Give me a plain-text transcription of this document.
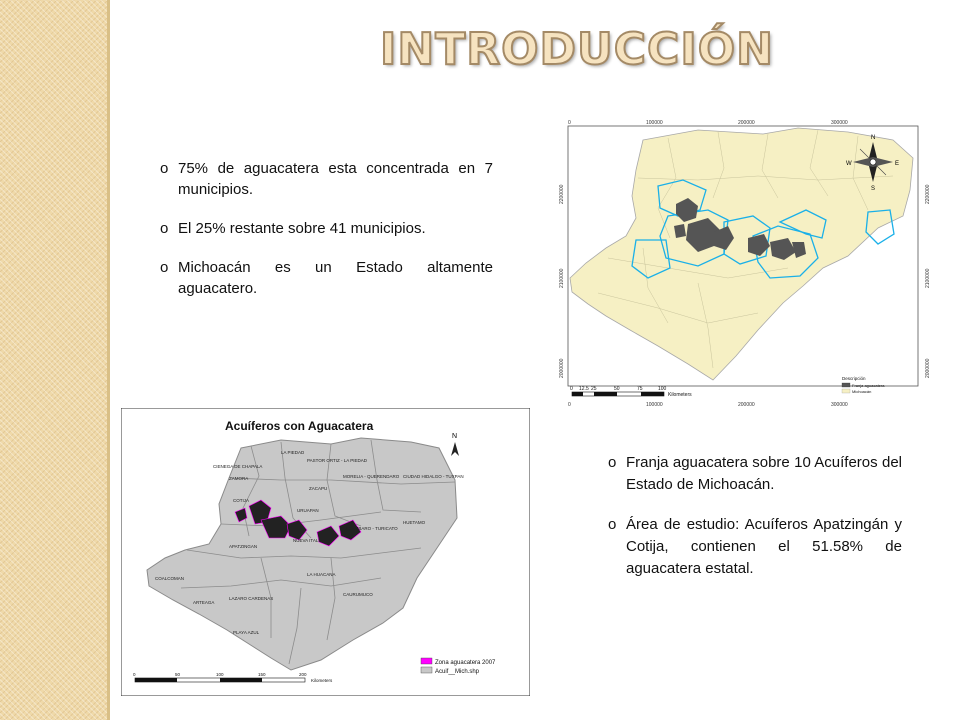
INTRODUCCIÓN
o 75% de aguacatera esta concentrada en 7 municipios.
o El 25% restante sobre 41 municipios.
o Michoacán es un Estado altamente aguacatero.
o Franja aguacatera sobre 10 Acuíferos del Estado de Michoacán.
o Área de estudio: Acuíferos Apatzingán y Cotija, contienen el 51.58% de aguacatera estatal.
0	100000	200000	300000
0	100000	200000	300000
2200000
2100000
2000000
2200000
2100000
2000000
N
S
W	E
0 12.5 25	50	75	100
Kilometers
Descripción
Franja aguacatera
Michoacán
Acuíferos con Aguacatera
LA PIEDAD
PASTOR ORTIZ - LA PIEDAD
ZAMORA
CIENEGA DE CHAPALA
COTIJA
ZACAPU
MORELIA - QUERENDARO CIUDAD HIDALGO - TUXPAN
URUAPAN
NUEVA ITALIA
TACAMBARO - TURICATO
APATZINGAN
HUETAMO
LA HUACANA
CAURUMUCO
COALCOMAN
LAZARO CARDENAS
PLAYA AZUL
ARTEAGA
N
Zona aguacatera 2007
Acuif__Mich.shp
0	50	100	150	200
Kilometers
